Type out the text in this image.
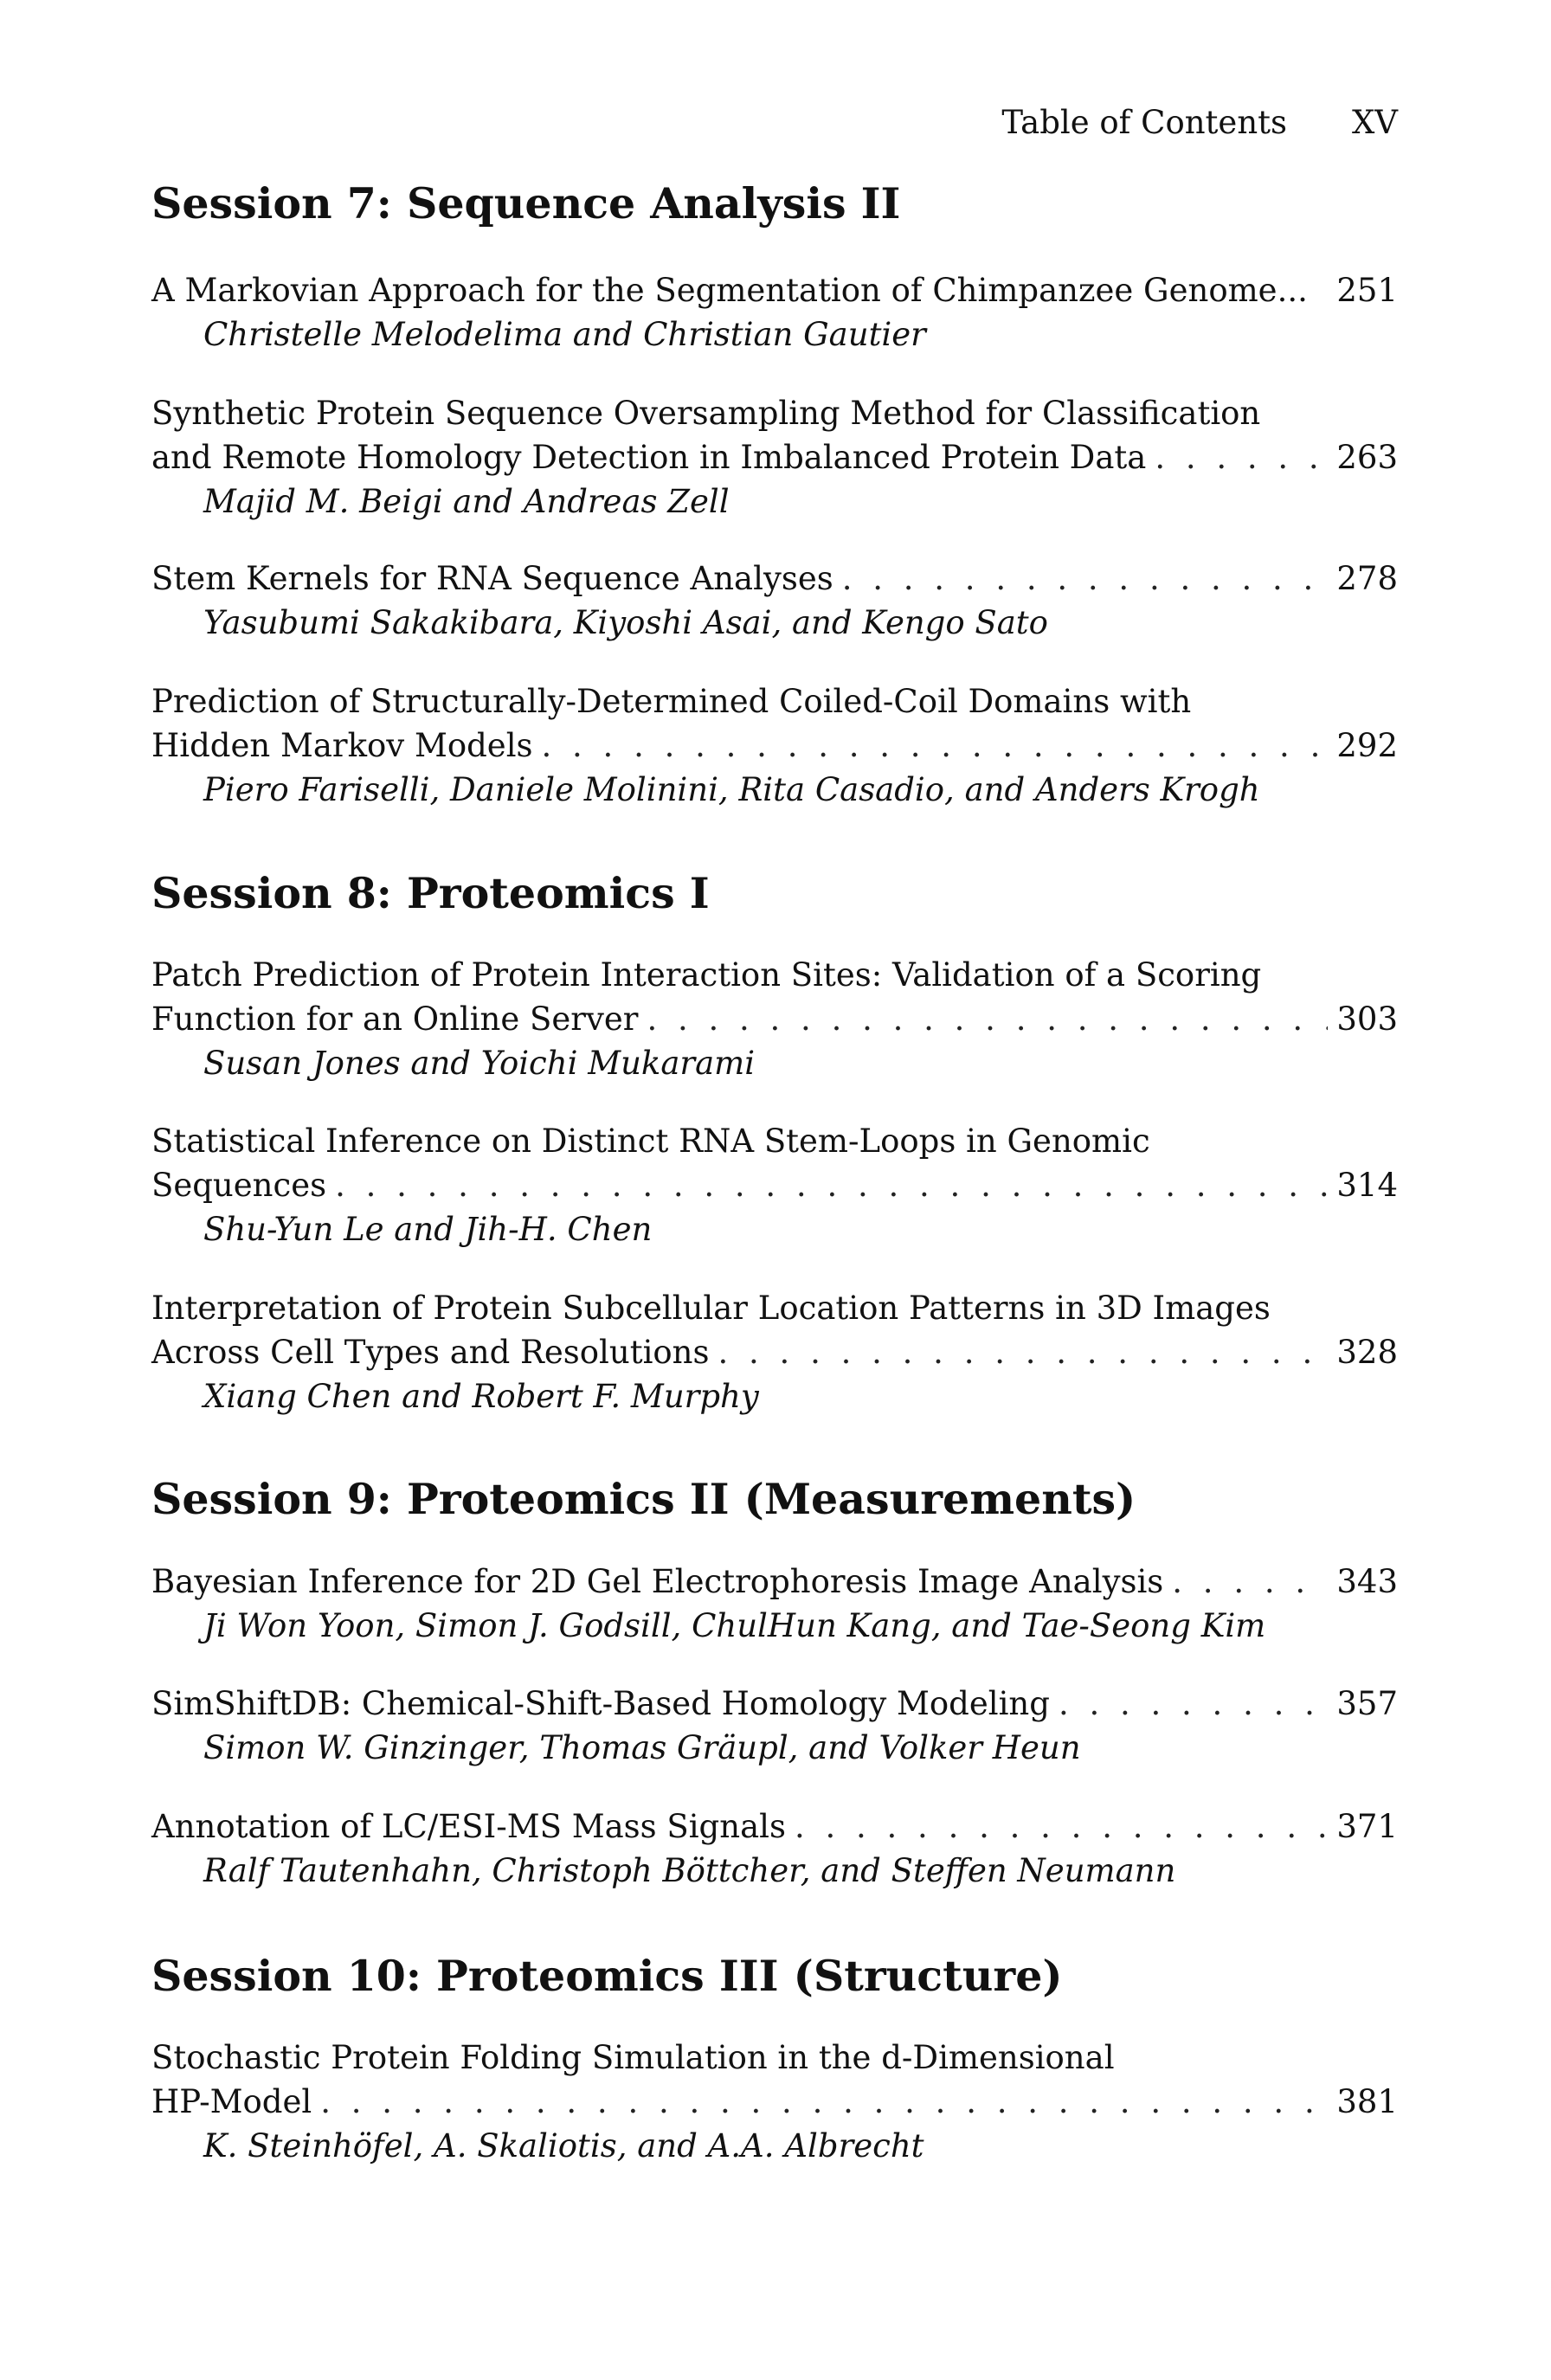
Table of Contents XV
Session 7: Sequence Analysis II
A Markovian Approach for the Segmentation of Chimpanzee Genome... 251
Christelle Melodelima and Christian Gautier
Synthetic Protein Sequence Oversampling Method for Classification
and Remote Homology Detection in Imbalanced Protein Data . . .	263
Majid M. Beigi and Andreas Zell
Stem Kernels for RNA Sequence Analyses . . .	278
Yasubumi Sakakibara, Kiyoshi Asai, and Kengo Sato
Prediction of Structurally-Determined Coiled-Coil Domains with
Hidden Markov Models . . .	292
Piero Fariselli, Daniele Molinini, Rita Casadio, and Anders Krogh
Session 8: Proteomics I
Patch Prediction of Protein Interaction Sites: Validation of a Scoring
Function for an Online Server . . .	303
Susan Jones and Yoichi Mukarami
Statistical Inference on Distinct RNA Stem-Loops in Genomic
Sequences . . .	314
Shu-Yun Le and Jih-H. Chen
Interpretation of Protein Subcellular Location Patterns in 3D Images
Across Cell Types and Resolutions . . .	328
Xiang Chen and Robert F. Murphy
Session 9: Proteomics II (Measurements)
Bayesian Inference for 2D Gel Electrophoresis Image Analysis . . .	343
Ji Won Yoon, Simon J. Godsill, ChulHun Kang, and Tae-Seong Kim
SimShiftDB: Chemical-Shift-Based Homology Modeling . . .	357
Simon W. Ginzinger, Thomas Gräupl, and Volker Heun
Annotation of LC/ESI-MS Mass Signals . . .	371
Ralf Tautenhahn, Christoph Böttcher, and Steffen Neumann
Session 10: Proteomics III (Structure)
Stochastic Protein Folding Simulation in the d-Dimensional
HP-Model . . .	381
K. Steinhöfel, A. Skaliotis, and A.A. Albrecht
